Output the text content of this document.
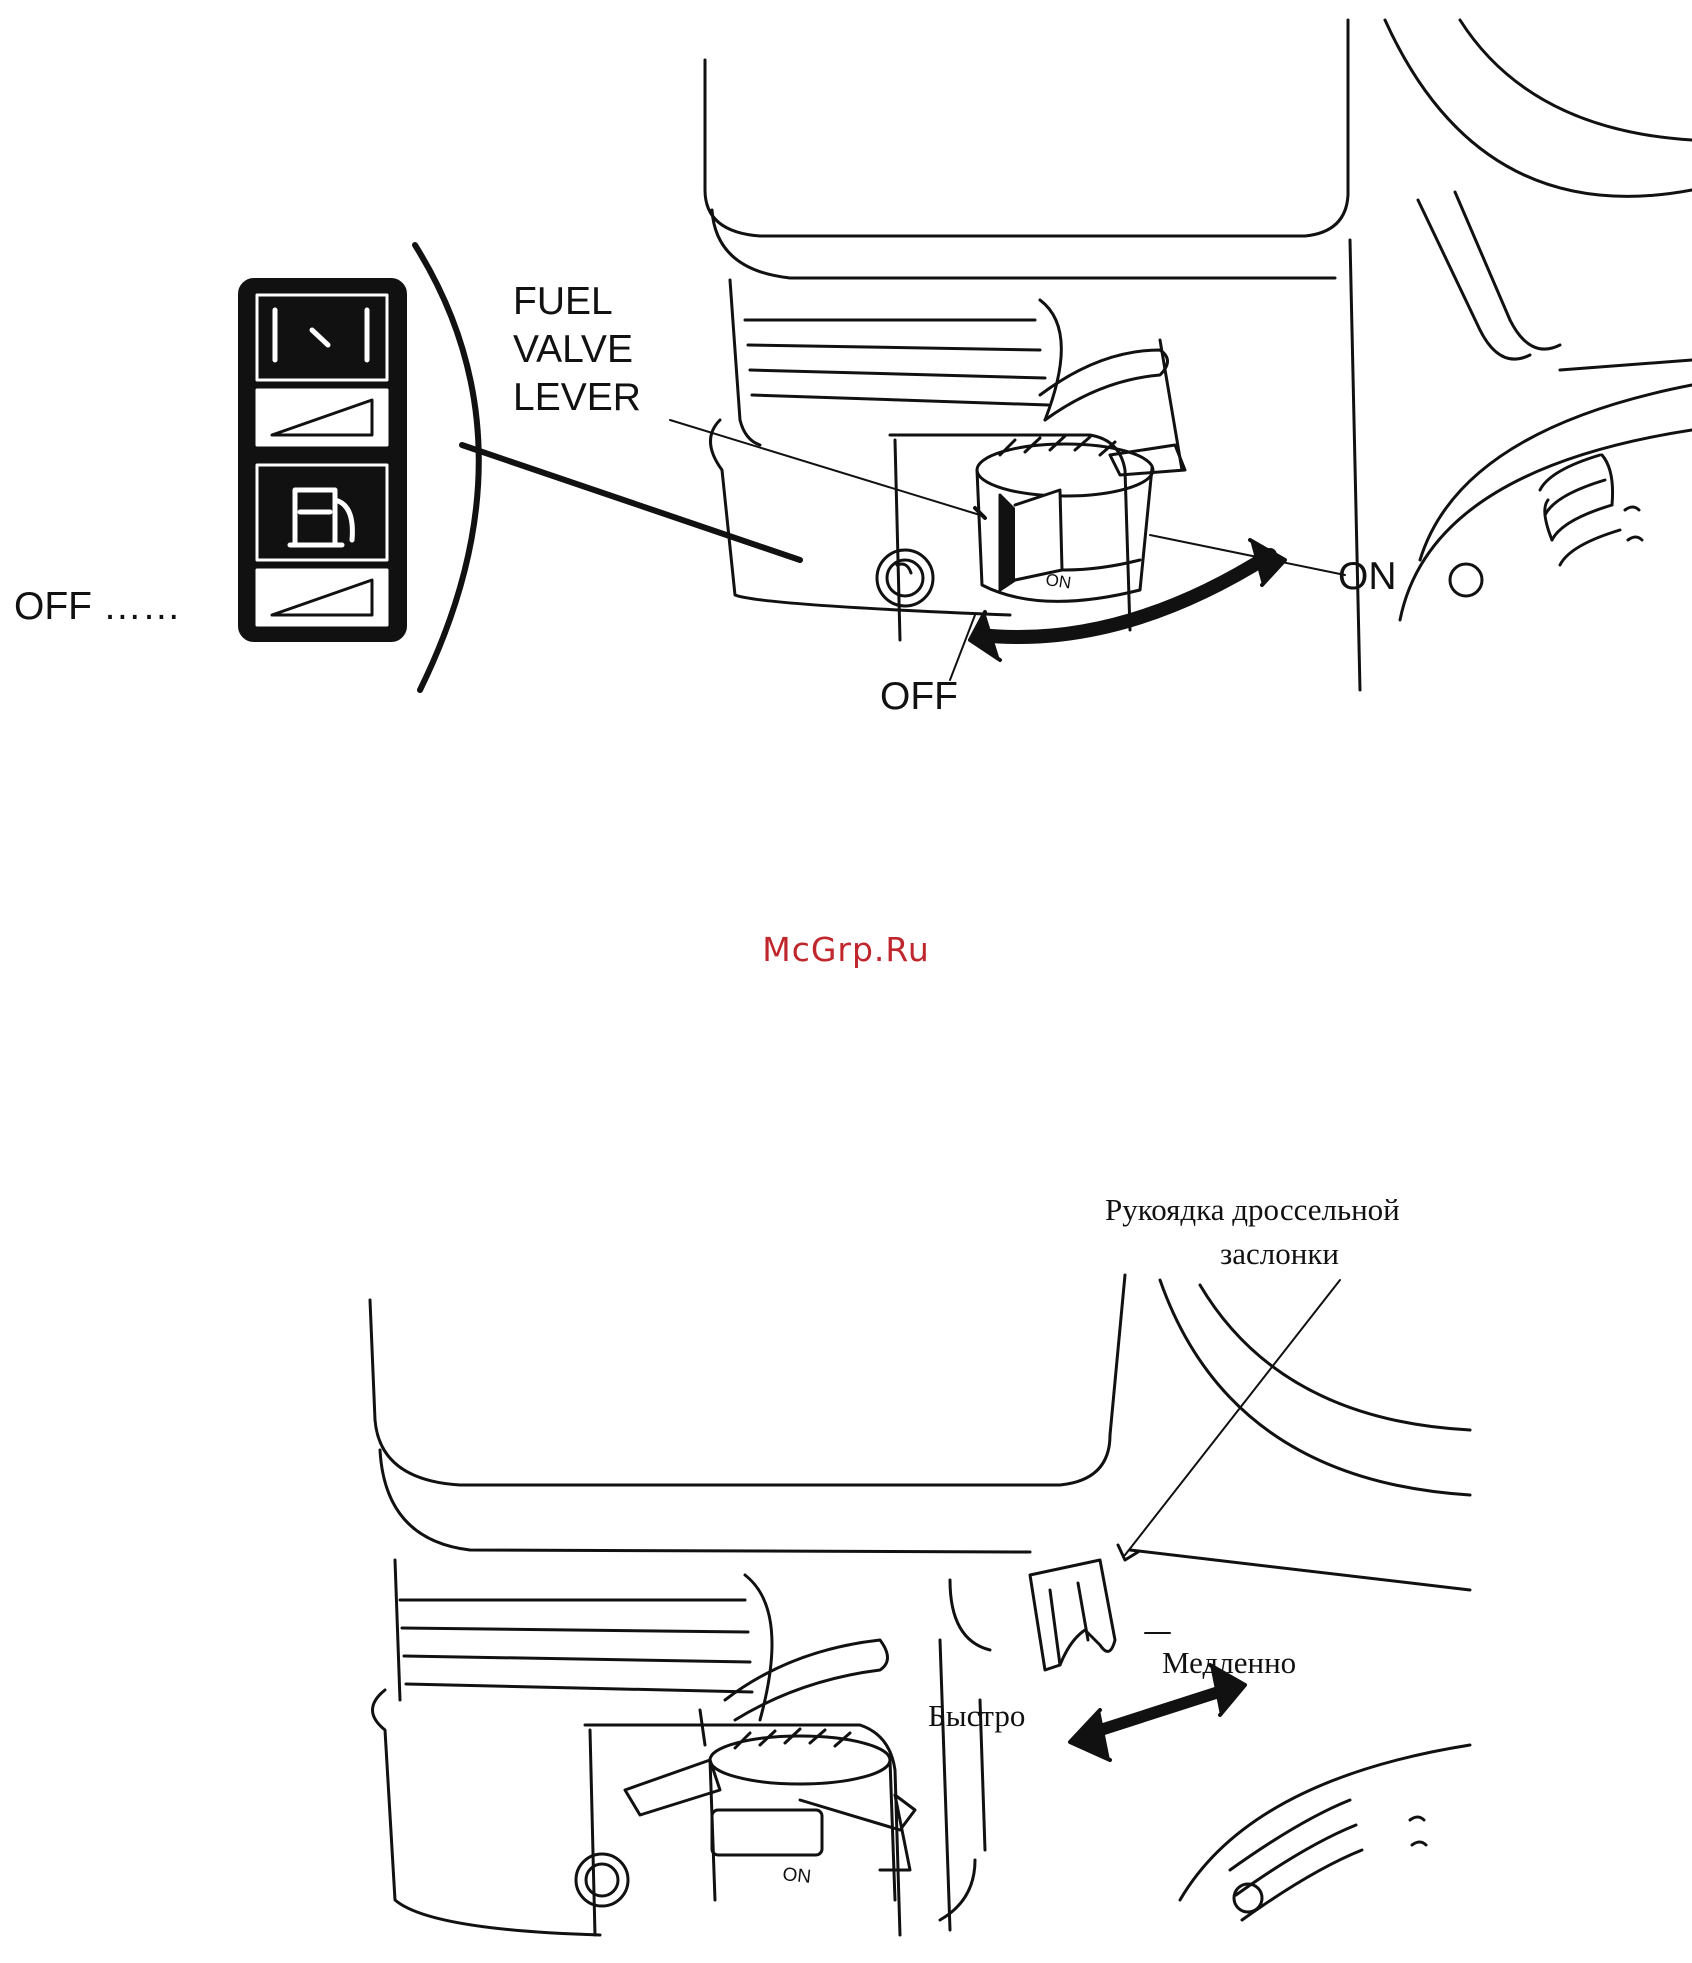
ON
ON
FUEL
VALVE
LEVER
ON
OFF
OFF ……
McGrp.Ru
Рукоядка дроссельной
заслонки
Медленно
Быстро
